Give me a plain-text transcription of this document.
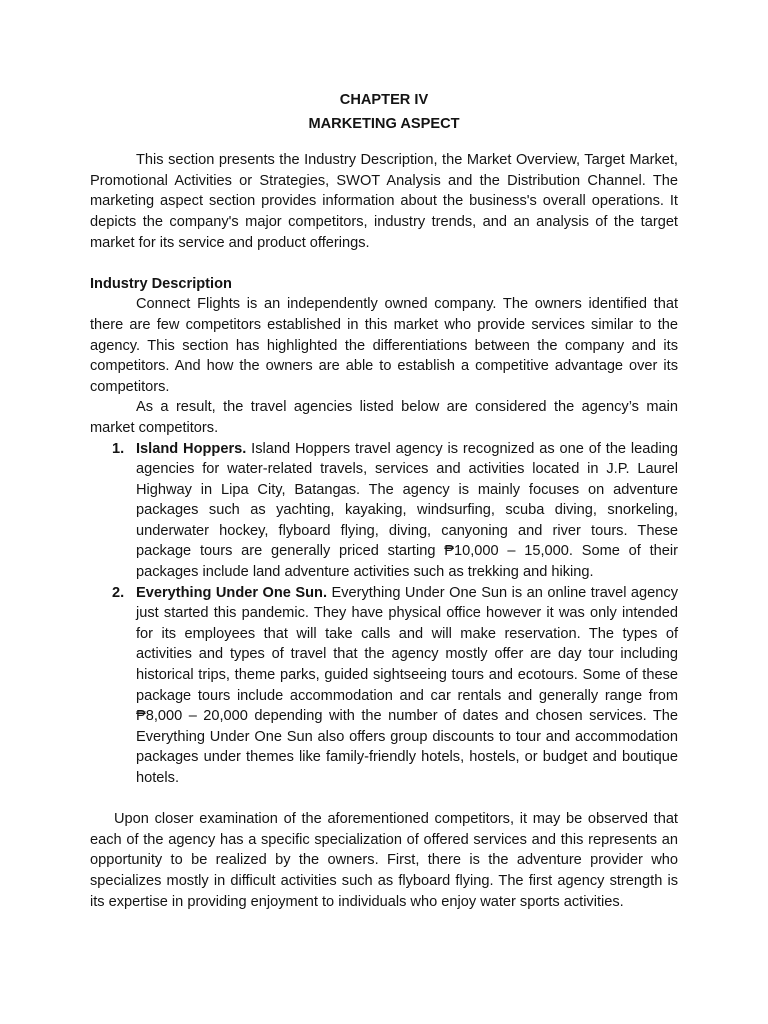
CHAPTER IV
MARKETING ASPECT

This section presents the Industry Description, the Market Overview, Target Market, Promotional Activities or Strategies, SWOT Analysis and the Distribution Channel. The marketing aspect section provides information about the business's overall operations. It depicts the company's major competitors, industry trends, and an analysis of the target market for its service and product offerings.

Industry Description

Connect Flights is an independently owned company. The owners identified that there are few competitors established in this market who provide services similar to the agency. This section has highlighted the differentiations between the company and its competitors. And how the owners are able to establish a competitive advantage over its competitors.

As a result, the travel agencies listed below are considered the agency’s main market competitors.

1. Island Hoppers. Island Hoppers travel agency is recognized as one of the leading agencies for water-related travels, services and activities located in J.P. Laurel Highway in Lipa City, Batangas. The agency is mainly focuses on adventure packages such as yachting, kayaking, windsurfing, scuba diving, snorkeling, underwater hockey, flyboard flying, diving, canyoning and river tours. These package tours are generally priced starting ₱10,000 – 15,000. Some of their packages include land adventure activities such as trekking and hiking.
2. Everything Under One Sun. Everything Under One Sun is an online travel agency just started this pandemic. They have physical office however it was only intended for its employees that will take calls and will make reservation. The types of activities and types of travel that the agency mostly offer are day tour including historical trips, theme parks, guided sightseeing tours and ecotours. Some of these package tours include accommodation and car rentals and generally range from ₱8,000 – 20,000 depending with the number of dates and chosen services. The Everything Under One Sun also offers group discounts to tour and accommodation packages under themes like family-friendly hotels, hostels, or budget and boutique hotels.

Upon closer examination of the aforementioned competitors, it may be observed that each of the agency has a specific specialization of offered services and this represents an opportunity to be realized by the owners. First, there is the adventure provider who specializes mostly in difficult activities such as flyboard flying. The first agency strength is its expertise in providing enjoyment to individuals who enjoy water sports activities.
